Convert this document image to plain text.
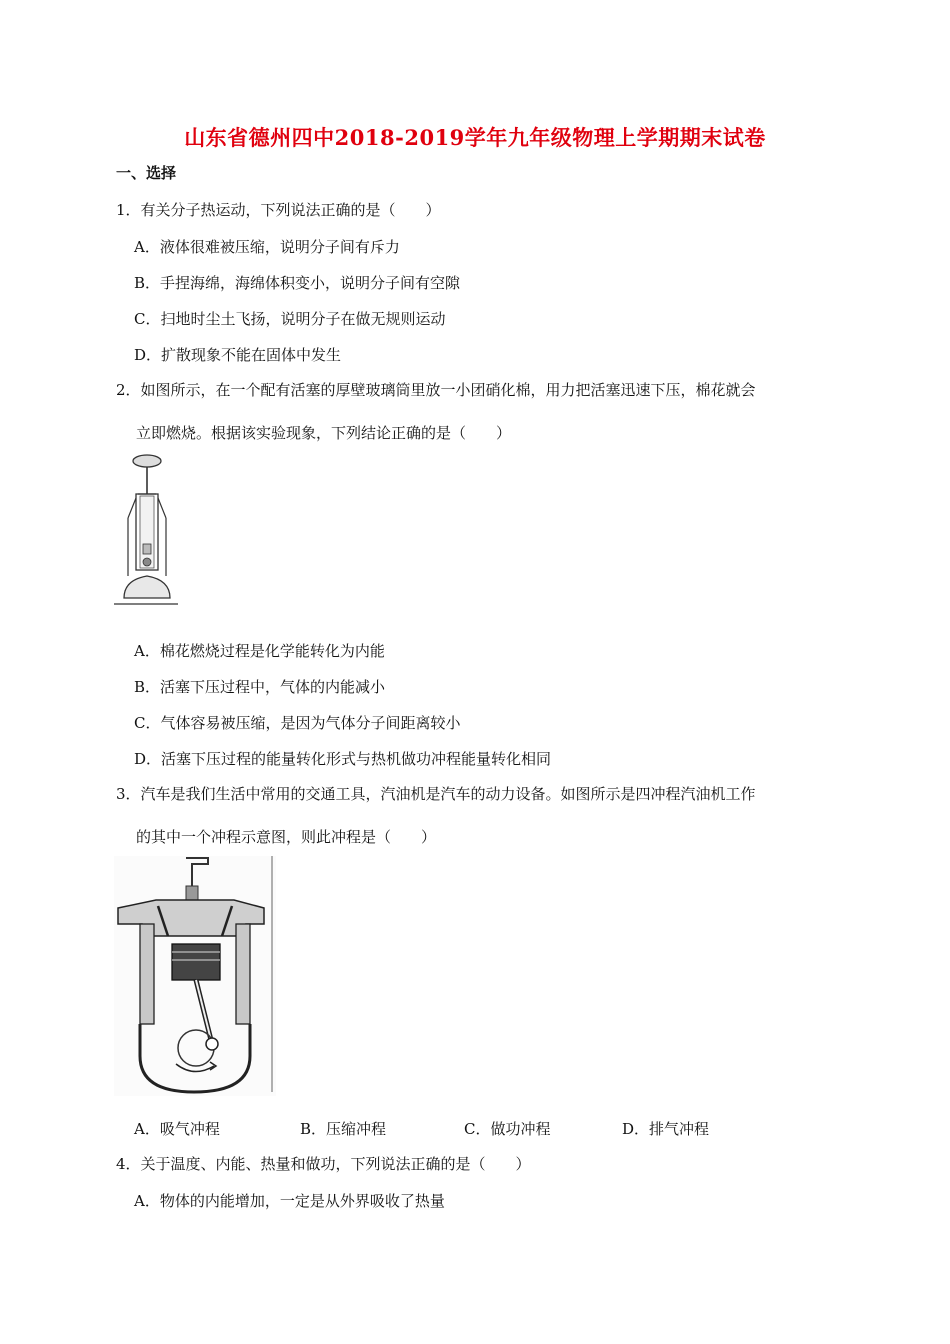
山东省德州四中2018-2019学年九年级物理上学期期末试卷
一、选择
1．有关分子热运动，下列说法正确的是（　　）
A．液体很难被压缩，说明分子间有斥力
B．手捏海绵，海绵体积变小，说明分子间有空隙
C．扫地时尘土飞扬，说明分子在做无规则运动
D．扩散现象不能在固体中发生
2．如图所示，在一个配有活塞的厚壁玻璃筒里放一小团硝化棉，用力把活塞迅速下压，棉花就会
立即燃烧。根据该实验现象，下列结论正确的是（　　）
A．棉花燃烧过程是化学能转化为内能
B．活塞下压过程中，气体的内能减小
C．气体容易被压缩，是因为气体分子间距离较小
D．活塞下压过程的能量转化形式与热机做功冲程能量转化相同
3．汽车是我们生活中常用的交通工具，汽油机是汽车的动力设备。如图所示是四冲程汽油机工作
的其中一个冲程示意图，则此冲程是（　　）
A．吸气冲程	B．压缩冲程	C．做功冲程	D．排气冲程
4．关于温度、内能、热量和做功，下列说法正确的是（　　）
A．物体的内能增加，一定是从外界吸收了热量
